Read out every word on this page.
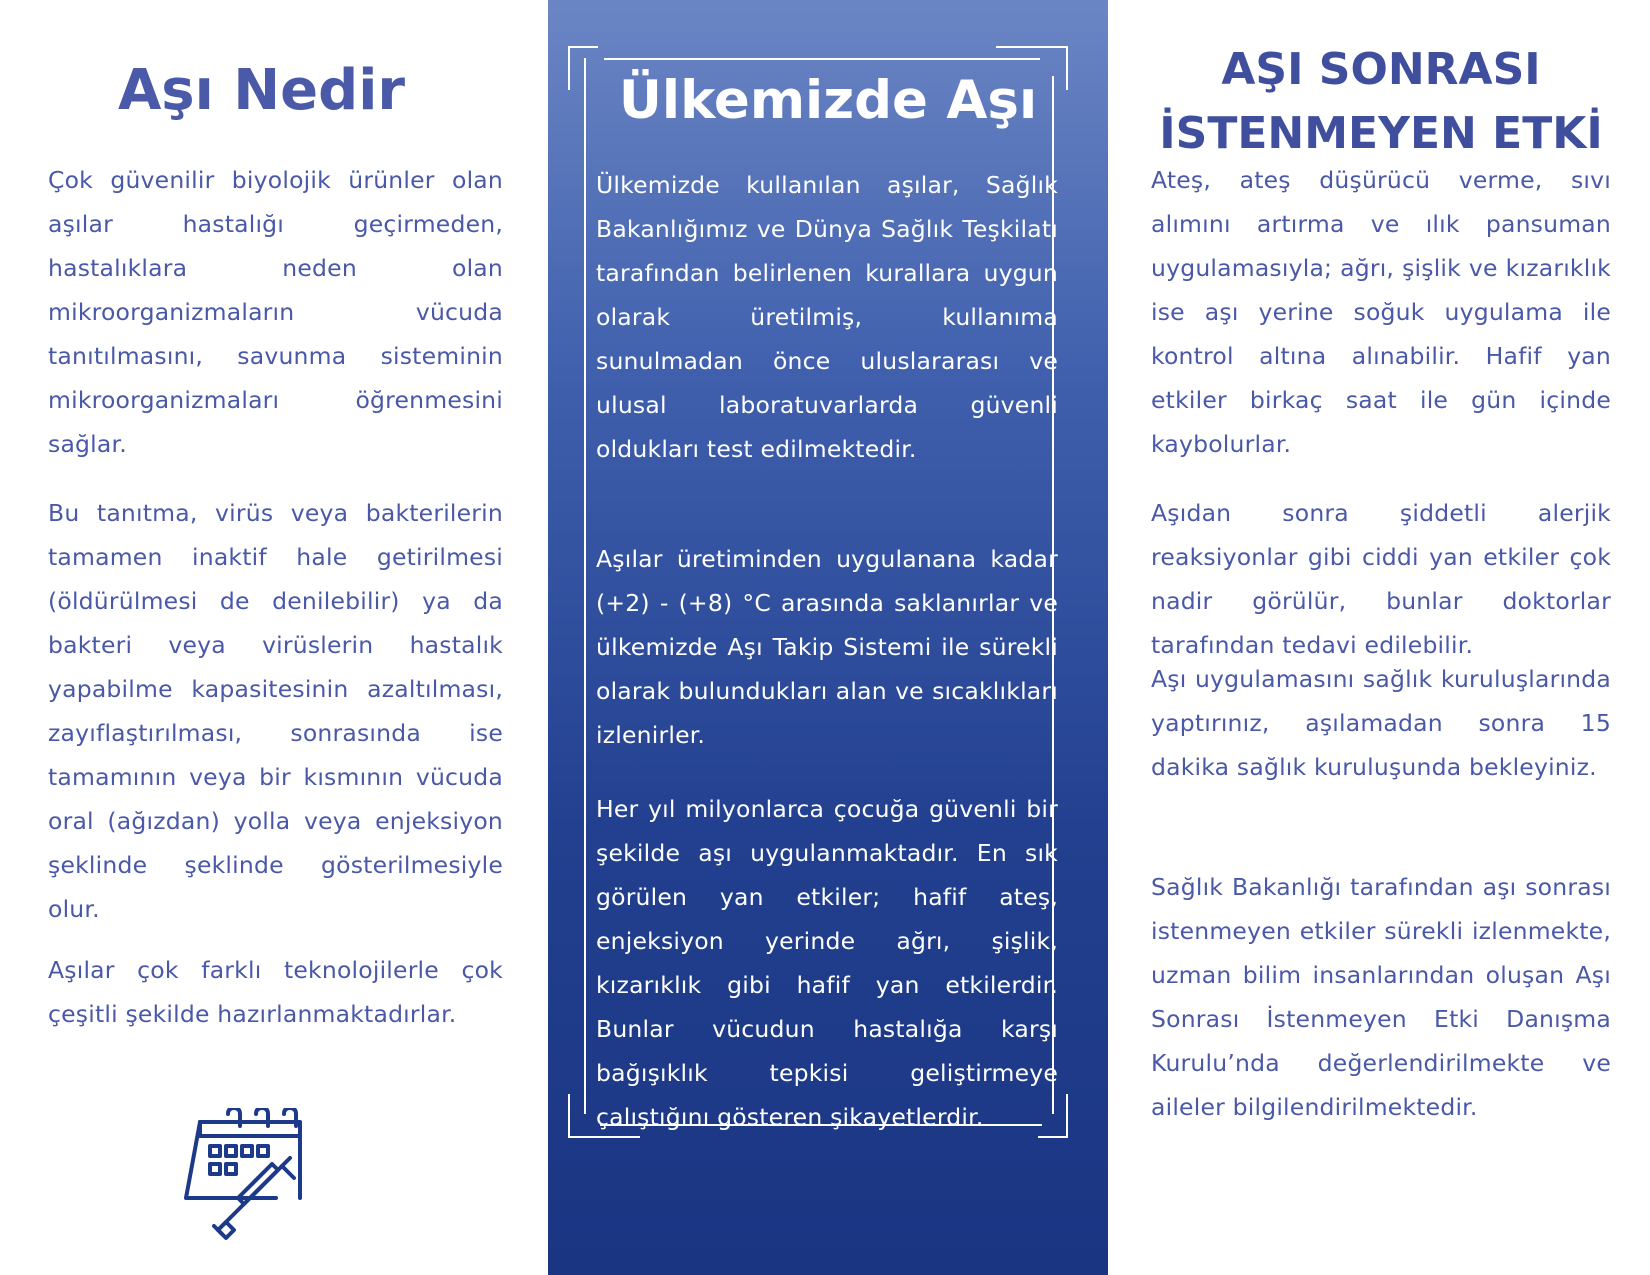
Aşı Nedir

Çok güvenilir biyolojik ürünler olan aşılar hastalığı geçirmeden, hastalıklara neden olan mikroorganizmaların vücuda tanıtılmasını, savunma sisteminin mikroorganizmaları öğrenmesini sağlar.

Bu tanıtma, virüs veya bakterilerin tamamen inaktif hale getirilmesi (öldürülmesi de denilebilir) ya da bakteri veya virüslerin hastalık yapabilme kapasitesinin azaltılması, zayıflaştırılması, sonrasında ise tamamının veya bir kısmının vücuda oral (ağızdan) yolla veya enjeksiyon şeklinde şeklinde gösterilmesiyle olur.

Aşılar çok farklı teknolojilerle çok çeşitli şekilde hazırlanmaktadırlar.

Ülkemizde Aşı

Ülkemizde kullanılan aşılar, Sağlık Bakanlığımız ve Dünya Sağlık Teşkilatı tarafından belirlenen kurallara uygun olarak üretilmiş, kullanıma sunulmadan önce uluslararası ve ulusal laboratuvarlarda güvenli oldukları test edilmektedir.

Aşılar üretiminden uygulanana kadar (+2) - (+8) °C arasında saklanırlar ve ülkemizde Aşı Takip Sistemi ile sürekli olarak bulundukları alan ve sıcaklıkları izlenirler.

Her yıl milyonlarca çocuğa güvenli bir şekilde aşı uygulanmaktadır. En sık görülen yan etkiler; hafif ateş, enjeksiyon yerinde ağrı, şişlik, kızarıklık gibi hafif yan etkilerdir. Bunlar vücudun hastalığa karşı bağışıklık tepkisi geliştirmeye çalıştığını gösteren şikayetlerdir.

AŞI SONRASI
İSTENMEYEN ETKİ

Ateş, ateş düşürücü verme, sıvı alımını artırma ve ılık pansuman uygulamasıyla; ağrı, şişlik ve kızarıklık ise aşı yerine soğuk uygulama ile kontrol altına alınabilir. Hafif yan etkiler birkaç saat ile gün içinde kaybolurlar.

Aşıdan sonra şiddetli alerjik reaksiyonlar gibi ciddi yan etkiler çok nadir görülür, bunlar doktorlar tarafından tedavi edilebilir.

Aşı uygulamasını sağlık kuruluşlarında yaptırınız, aşılamadan sonra 15 dakika sağlık kuruluşunda bekleyiniz.

Sağlık Bakanlığı tarafından aşı sonrası istenmeyen etkiler sürekli izlenmekte, uzman bilim insanlarından oluşan Aşı Sonrası İstenmeyen Etki Danışma Kurulu’nda değerlendirilmekte ve aileler bilgilendirilmektedir.
